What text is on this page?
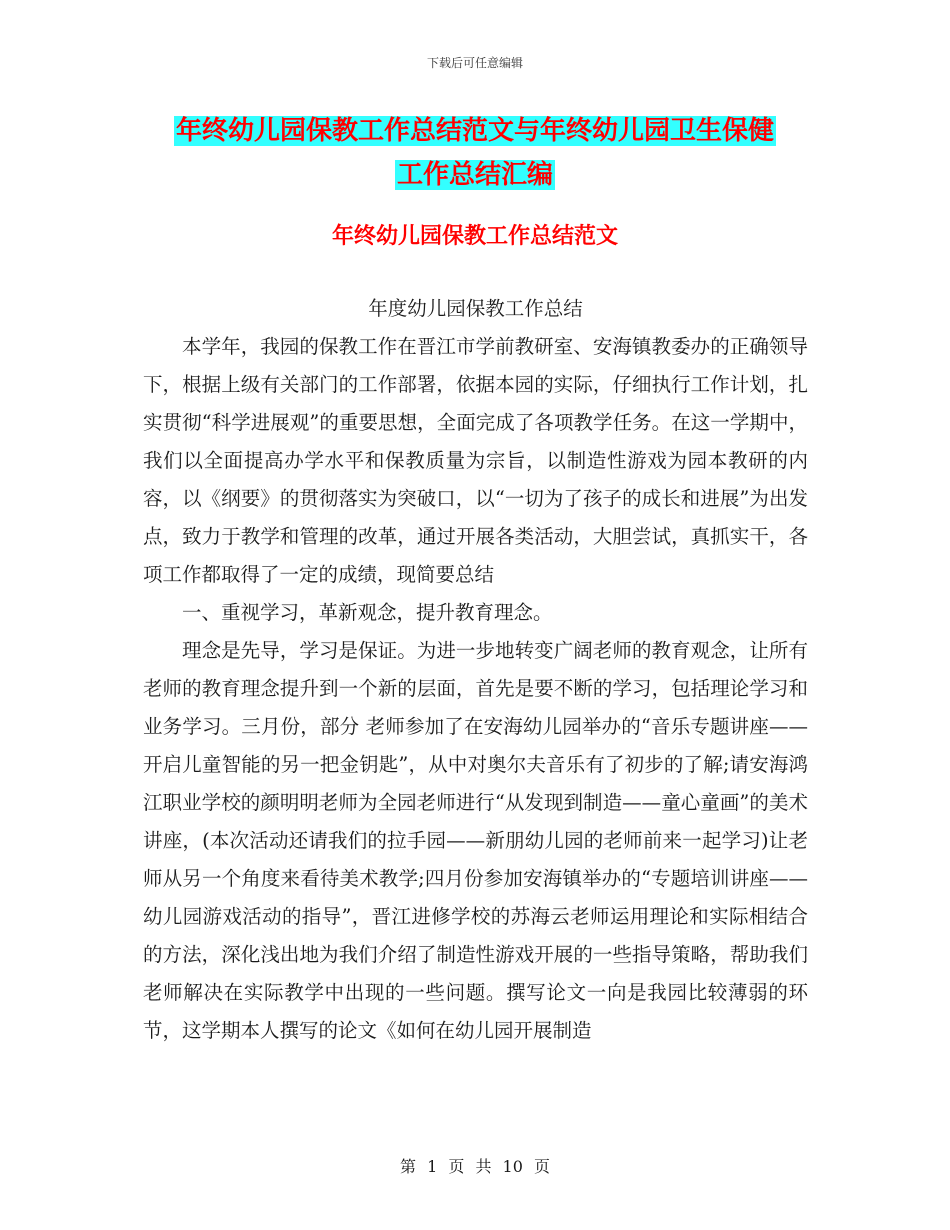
下载后可任意编辑
年终幼儿园保教工作总结范文与年终幼儿园卫生保健
工作总结汇编
年终幼儿园保教工作总结范文

年度幼儿园保教工作总结

本学年，我园的保教工作在晋江市学前教研室、安海镇教委办的正确领导下，根据上级有关部门的工作部署，依据本园的实际，仔细执行工作计划，扎实贯彻“科学进展观”的重要思想，全面完成了各项教学任务。在这一学期中，我们以全面提高办学水平和保教质量为宗旨，以制造性游戏为园本教研的内容，以《纲要》的贯彻落实为突破口，以“一切为了孩子的成长和进展”为出发点，致力于教学和管理的改革，通过开展各类活动，大胆尝试，真抓实干，各项工作都取得了一定的成绩，现简要总结

一、重视学习，革新观念，提升教育理念。

理念是先导，学习是保证。为进一步地转变广阔老师的教育观念，让所有老师的教育理念提升到一个新的层面，首先是要不断的学习，包括理论学习和业务学习。三月份，部分 老师参加了在安海幼儿园举办的“音乐专题讲座——开启儿童智能的另一把金钥匙”，从中对奥尔夫音乐有了初步的了解;请安海鸿江职业学校的颜明明老师为全园老师进行“从发现到制造——童心童画”的美术讲座，(本次活动还请我们的拉手园——新朋幼儿园的老师前来一起学习)让老师从另一个角度来看待美术教学;四月份参加安海镇举办的“专题培训讲座——幼儿园游戏活动的指导”，晋江进修学校的苏海云老师运用理论和实际相结合的方法，深化浅出地为我们介绍了制造性游戏开展的一些指导策略，帮助我们老师解决在实际教学中出现的一些问题。撰写论文一向是我园比较薄弱的环节，这学期本人撰写的论文《如何在幼儿园开展制造

第 1 页 共 10 页
